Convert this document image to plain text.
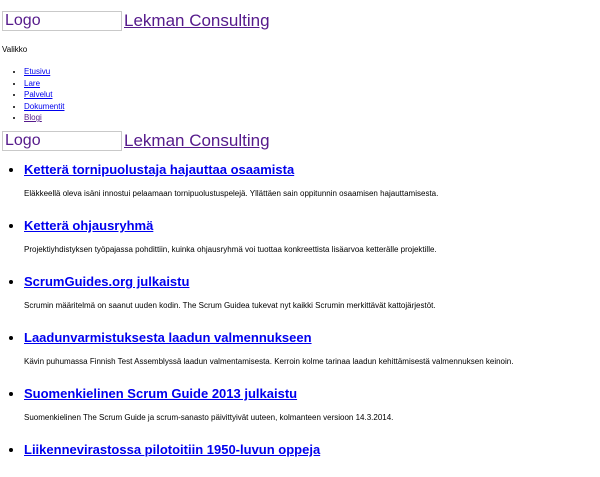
Logo	Lekman Consulting
Valikko
• Etusivu
• Lare
• Palvelut
• Dokumentit
• Blogi
Logo	Lekman Consulting
• Ketterä tornipuolustaja hajauttaa osaamista

Eläkkeellä oleva isäni innostui pelaamaan tornipuolustuspelejä. Yllättäen sain oppitunnin osaamisen hajauttamisesta.

• Ketterä ohjausryhmä

Projektiyhdistyksen työpajassa pohdittiin, kuinka ohjausryhmä voi tuottaa konkreettista lisäarvoa ketterälle projektille.

• ScrumGuides.org julkaistu

Scrumin määritelmä on saanut uuden kodin. The Scrum Guidea tukevat nyt kaikki Scrumin merkittävät kattojärjestöt.

• Laadunvarmistuksesta laadun valmennukseen

Kävin puhumassa Finnish Test Assemblyssä laadun valmentamisesta. Kerroin kolme tarinaa laadun kehittämisestä valmennuksen keinoin.

• Suomenkielinen Scrum Guide 2013 julkaistu

Suomenkielinen The Scrum Guide ja scrum-sanasto päivittyivät uuteen, kolmanteen versioon 14.3.2014.

• Liikennevirastossa pilotoitiin 1950-luvun oppeja
